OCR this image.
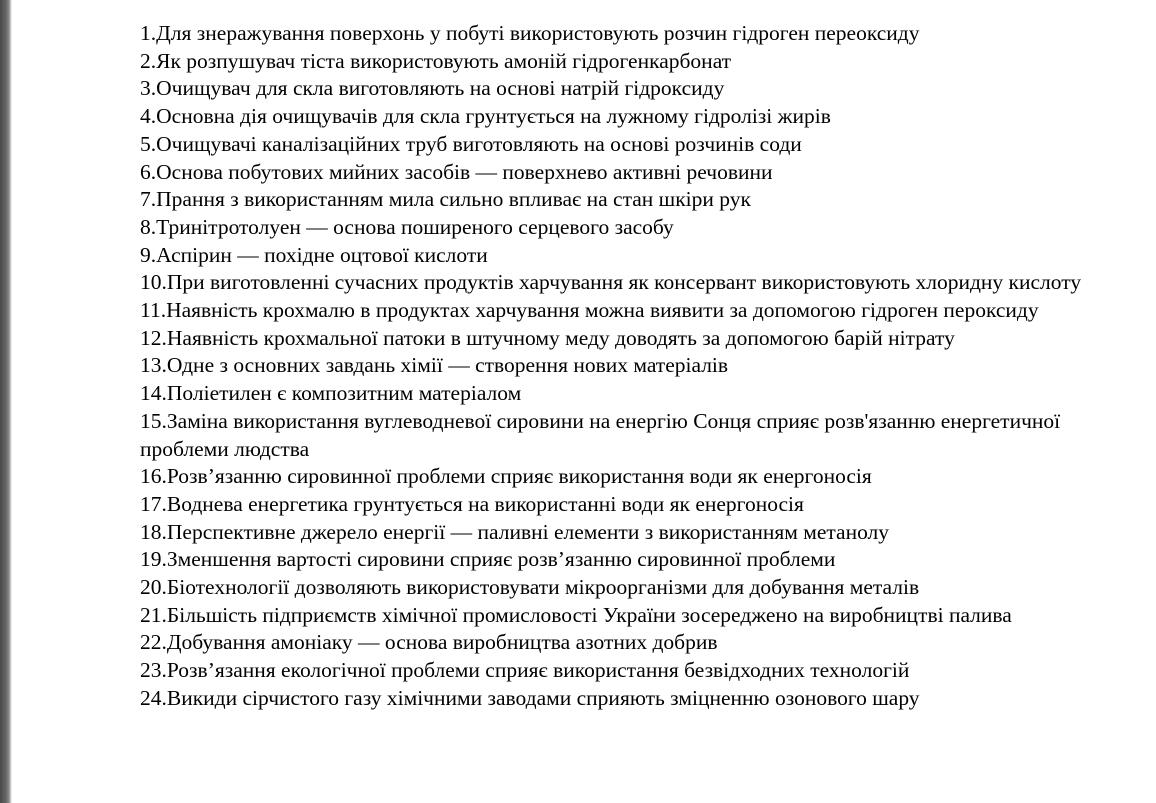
1.Для знеражування поверхонь у побуті використовують розчин гідроген переоксиду
2.Як розпушувач тіста використовують амоній гідрогенкарбонат
3.Очищувач для скла виготовляють на основі натрій гідроксиду
4.Основна дія очищувачів для скла грунтується на лужному гідролізі жирів
5.Очищувачі каналізаційних труб виготовляють на основі розчинів соди
6.Основа побутових мийних засобів — поверхнево активні речовини
7.Прання з використанням мила сильно впливає на стан шкіри рук
8.Тринітротолуен — основа поширеного серцевого засобу
9.Аспірин — похідне оцтової кислоти
10.При виготовленні сучасних продуктів харчування як консервант використовують хлоридну кислоту
11.Наявність крохмалю в продуктах харчування можна виявити за допомогою гідроген пероксиду
12.Наявність крохмальної патоки в штучному меду доводять за допомогою барій нітрату
13.Одне з основних завдань хімії — створення нових матеріалів
14.Поліетилен є композитним матеріалом
15.Заміна використання вуглеводневої сировини на енергію Сонця сприяє розв'язанню енергетичної проблеми людства
16.Розв’язанню сировинної проблеми сприяє використання води як енергоносія
17.Воднева енергетика грунтується на використанні води як енергоносія
18.Перспективне джерело енергії — паливні елементи з використанням метанолу
19.Зменшення вартості сировини сприяє розв’язанню сировинної проблеми
20.Біотехнології дозволяють використовувати мікроорганізми для добування металів
21.Більшість підприємств хімічної промисловості України зосереджено на виробництві палива
22.Добування амоніаку — основа виробництва азотних добрив
23.Розв’язання екологічної проблеми сприяє використання безвідходних технологій
24.Викиди сірчистого газу хімічними заводами сприяють зміцненню озонового шару
